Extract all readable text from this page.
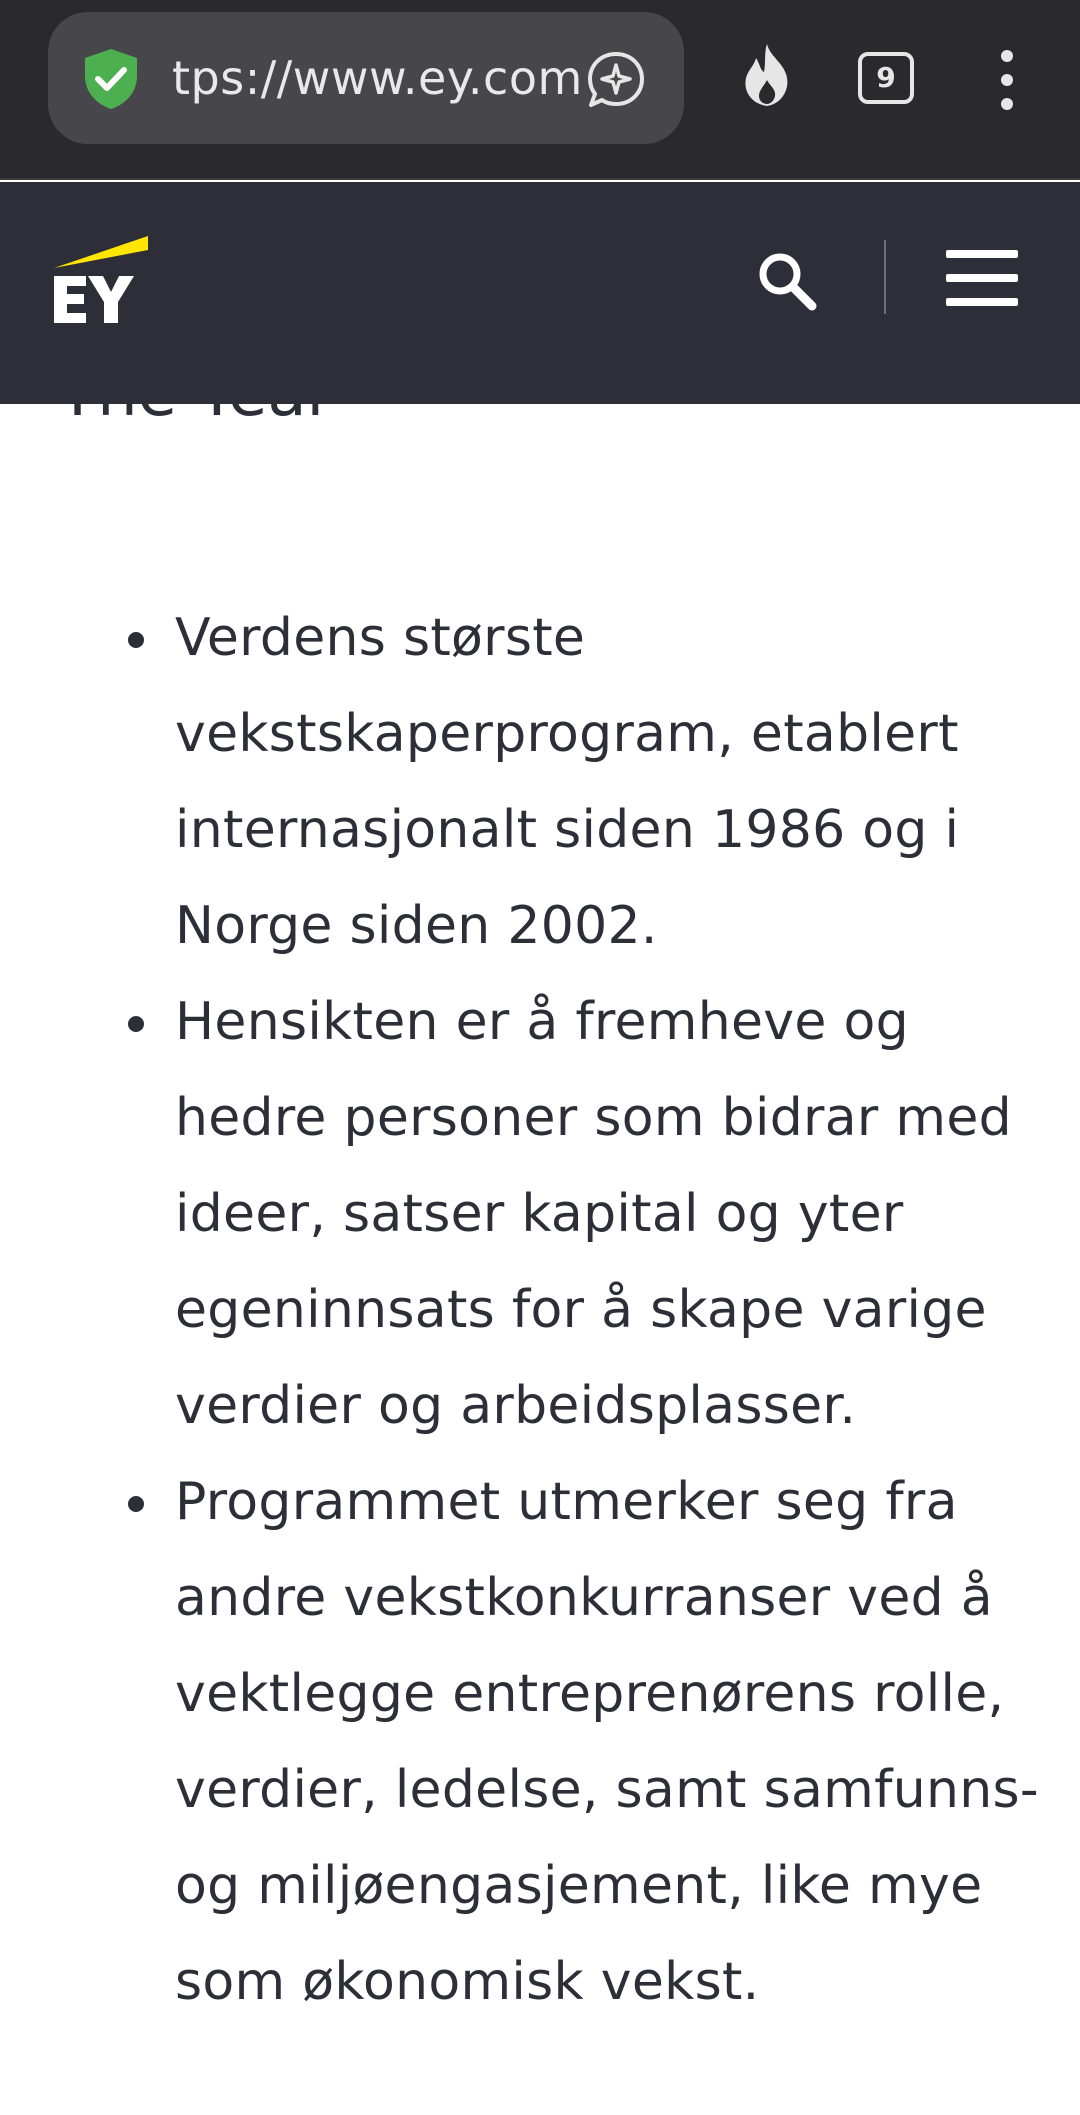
tps://www.ey.com	9
The Year
Verdens største vekstskaperprogram, etablert internasjonalt siden 1986 og i Norge siden 2002.
Hensikten er å fremheve og hedre personer som bidrar med ideer, satser kapital og yter egeninnsats for å skape varige verdier og arbeidsplasser.
Programmet utmerker seg fra andre vekstkonkurranser ved å vektlegge entreprenørens rolle, verdier, ledelse, samt samfunns- og miljøengasjement, like mye som økonomisk vekst.
